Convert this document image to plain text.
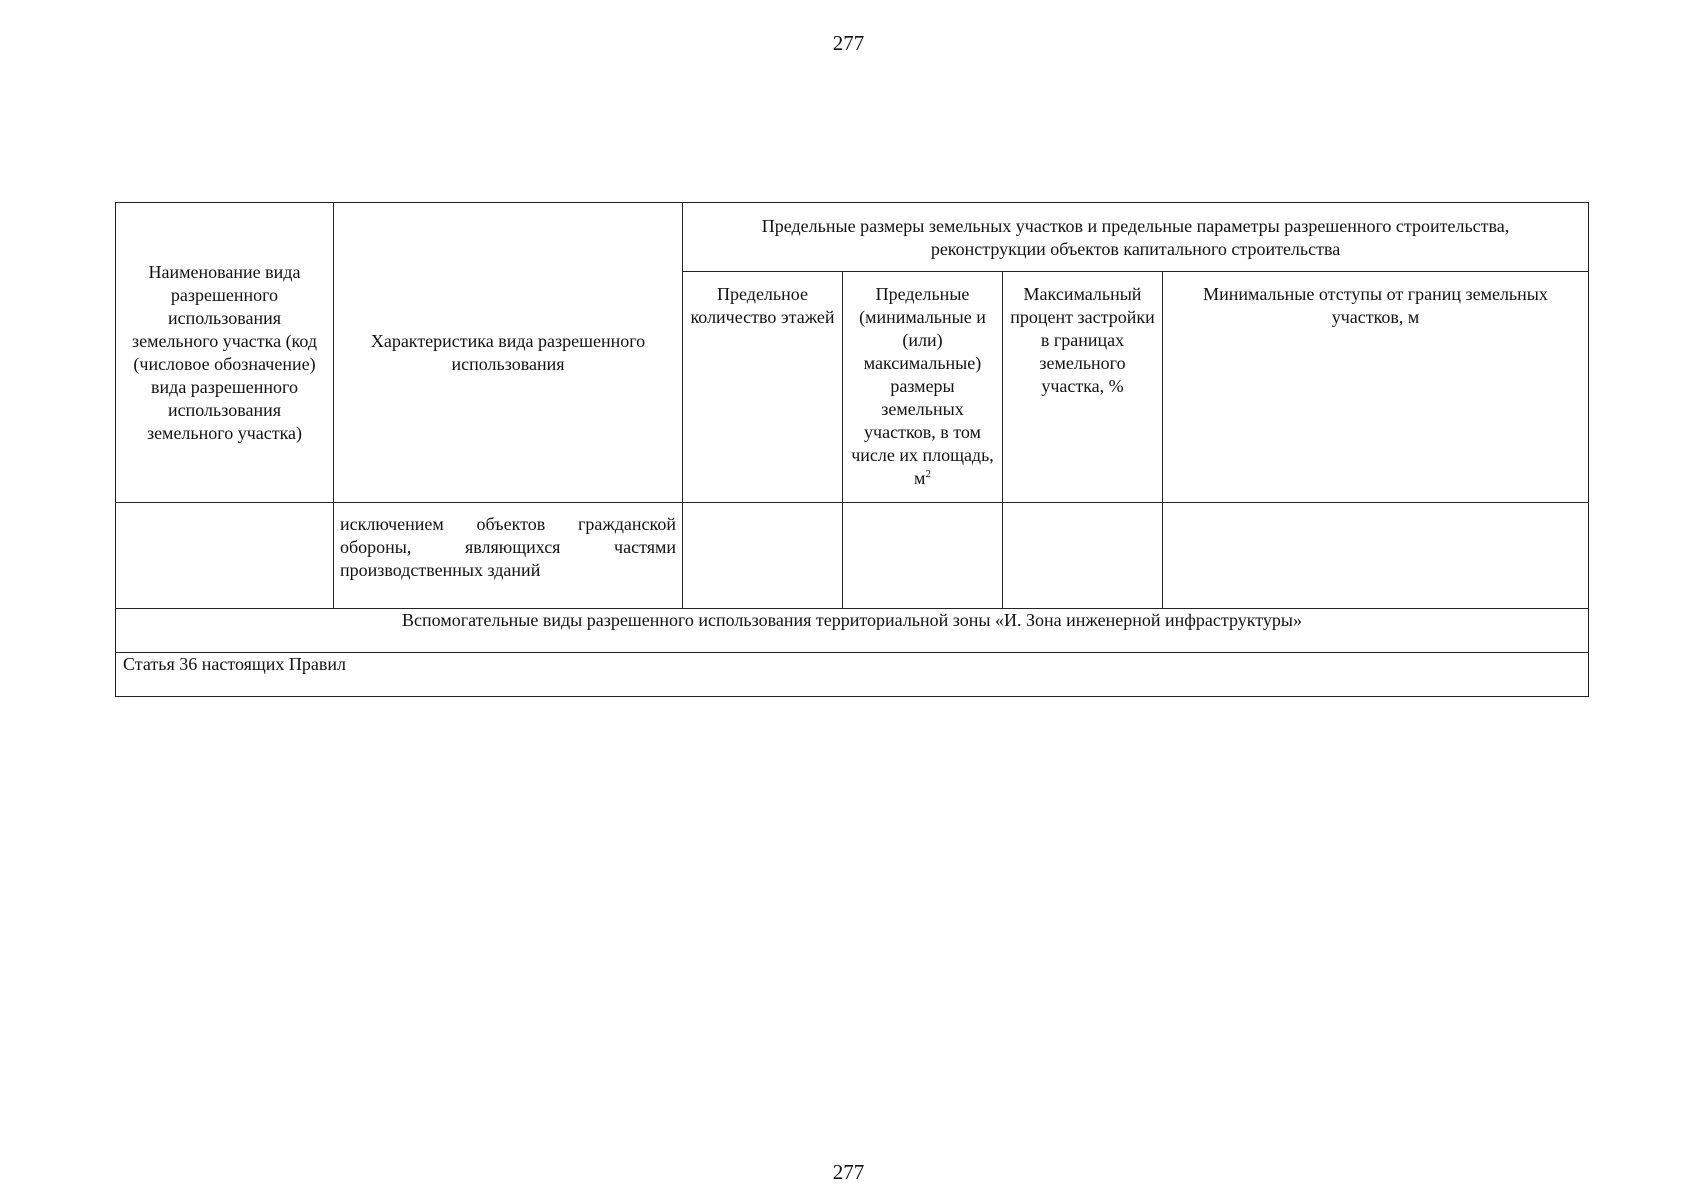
277
Наименование вида разрешенного использования земельного участка (код (числовое обозначение) вида разрешенного использования земельного участка)	Характеристика вида разрешенного использования	Предельные размеры земельных участков и предельные параметры разрешенного строительства, реконструкции объектов капитального строительства			
		Предельное количество этажей	Предельные (минимальные и (или) максимальные) размеры земельных участков, в том числе их площадь, $м^2$	Максимальный процент застройки в границах земельного участка, %	Минимальные отступы от границ земельных участков, м
	исключением объектов гражданской обороны, являющихся частями производственных зданий				
Вспомогательные виды разрешенного использования территориальной зоны «И. Зона инженерной инфраструктуры»					
Статья 36 настоящих Правил					
277
